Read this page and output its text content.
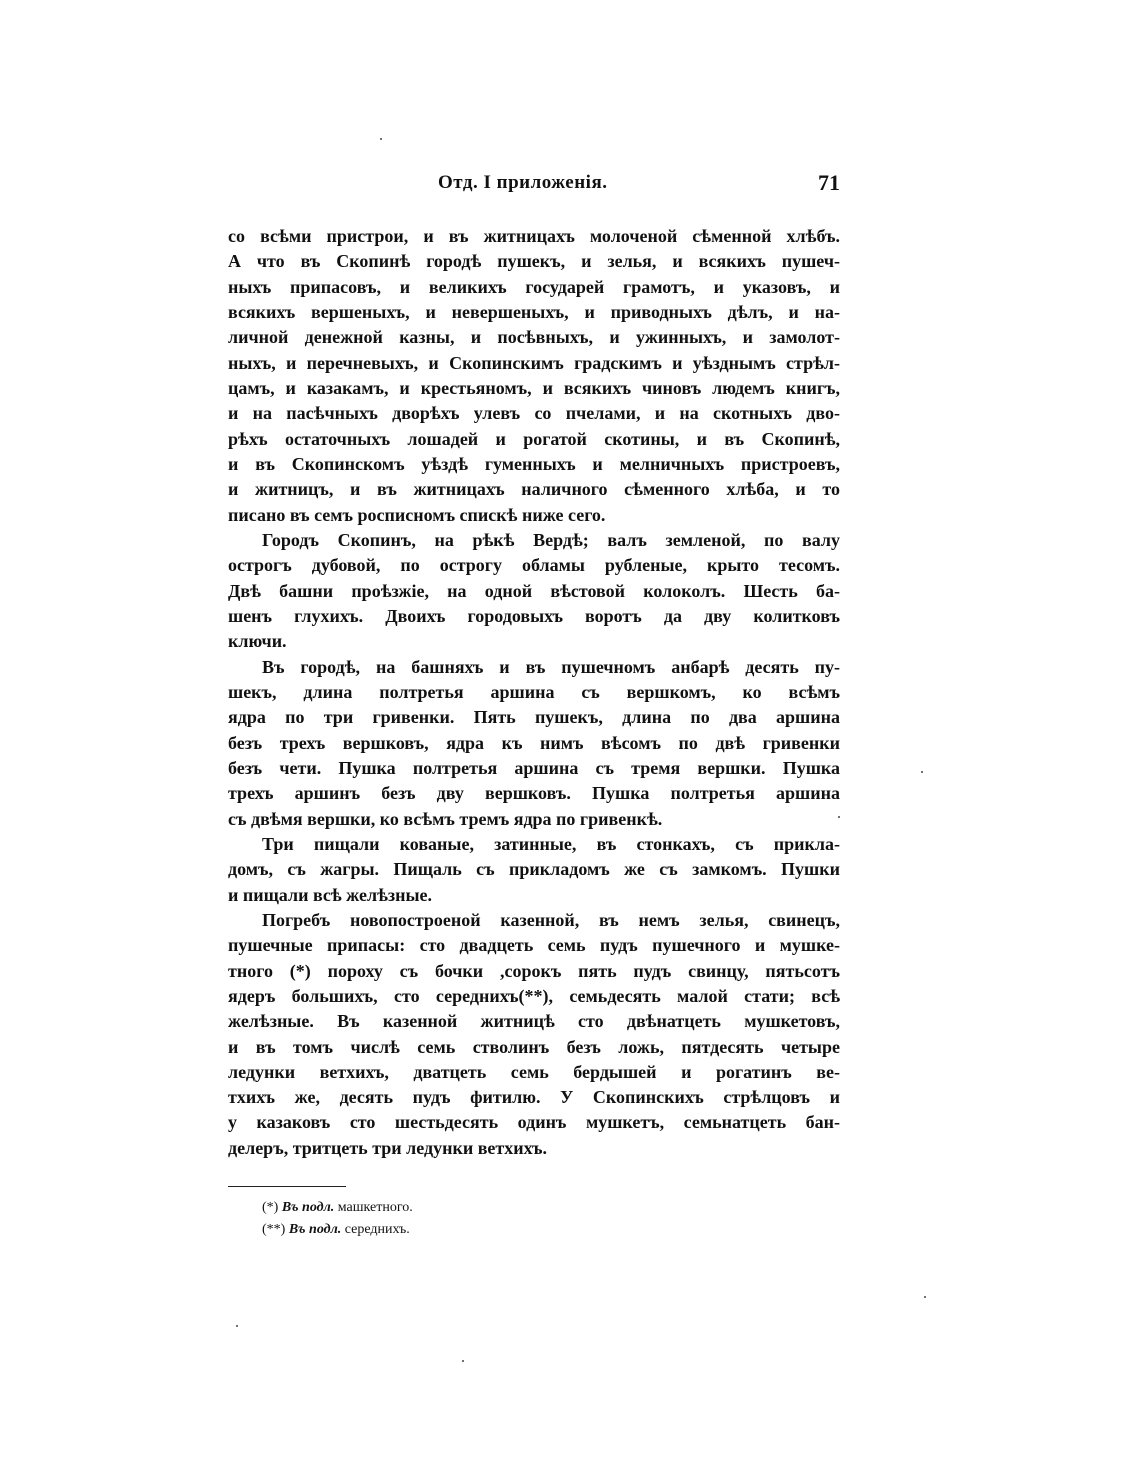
Отд. I приложенія.	71
со всѣми пристрои, и въ житницахъ молоченой сѣменной хлѣбъ.
А что въ Скопинѣ городѣ пушекъ, и зелья, и всякихъ пушеч-
ныхъ припасовъ, и великихъ государей грамотъ, и указовъ, и
всякихъ вершеныхъ, и невершеныхъ, и приводныхъ дѣлъ, и на-
личной денежной казны, и посѣвныхъ, и ужинныхъ, и замолот-
ныхъ, и перечневыхъ, и Скопинскимъ градскимъ и уѣзднымъ стрѣл-
цамъ, и казакамъ, и крестьяномъ, и всякихъ чиновъ людемъ книгъ,
и на пасѣчныхъ дворѣхъ улевъ со пчелами, и на скотныхъ дво-
рѣхъ остаточныхъ лошадей и рогатой скотины, и въ Скопинѣ,
и въ Скопинскомъ уѣздѣ гуменныхъ и мелничныхъ пристроевъ,
и житницъ, и въ житницахъ наличного сѣменного хлѣба, и то
писано въ семъ росписномъ спискѣ ниже сего.
Городъ Скопинъ, на рѣкѣ Вердѣ; валъ земленой, по валу
острогъ дубовой, по острогу обламы рубленые, крыто тесомъ.
Двѣ башни проѣзжіе, на одной вѣстовой колоколъ. Шесть ба-
шенъ глухихъ. Двоихъ городовыхъ воротъ да дву колитковъ
ключи.
Въ городѣ, на башняхъ и въ пушечномъ анбарѣ десять пу-
шекъ, длина полтретья аршина съ вершкомъ, ко всѣмъ
ядра по три гривенки. Пять пушекъ, длина по два аршина
безъ трехъ вершковъ, ядра къ нимъ вѣсомъ по двѣ гривенки
безъ чети. Пушка полтретья аршина съ тремя вершки. Пушка
трехъ аршинъ безъ дву вершковъ. Пушка полтретья аршина
съ двѣмя вершки, ко всѣмъ тремъ ядра по гривенкѣ.
Три пищали кованые, затинные, въ стонкахъ, съ прикла-
домъ, съ жагры. Пищаль съ прикладомъ же съ замкомъ. Пушки
и пищали всѣ желѣзные.
Погребъ новопостроеной казенной, въ немъ зелья, свинецъ,
пушечные припасы: сто двадцеть семь пудъ пушечного и мушке-
тного (*) пороху съ бочки ,сорокъ пять пудъ свинцу, пятьсотъ
ядеръ большихъ, сто середнихъ(**), семьдесять малой стати; всѣ
желѣзные. Въ казенной житницѣ сто двѣнатцеть мушкетовъ,
и въ томъ числѣ семь стволинъ безъ ложь, пятдесять четыре
ледунки ветхихъ, дватцеть семь бердышей и рогатинъ ве-
тхихъ же, десять пудъ фитилю. У Скопинскихъ стрѣлцовъ и
у казаковъ сто шестьдесять одинъ мушкетъ, семьнатцеть бан-
делеръ, тритцеть три ледунки ветхихъ.
(*) Въ подл. машкетного.
(**) Въ подл. середнихъ.
